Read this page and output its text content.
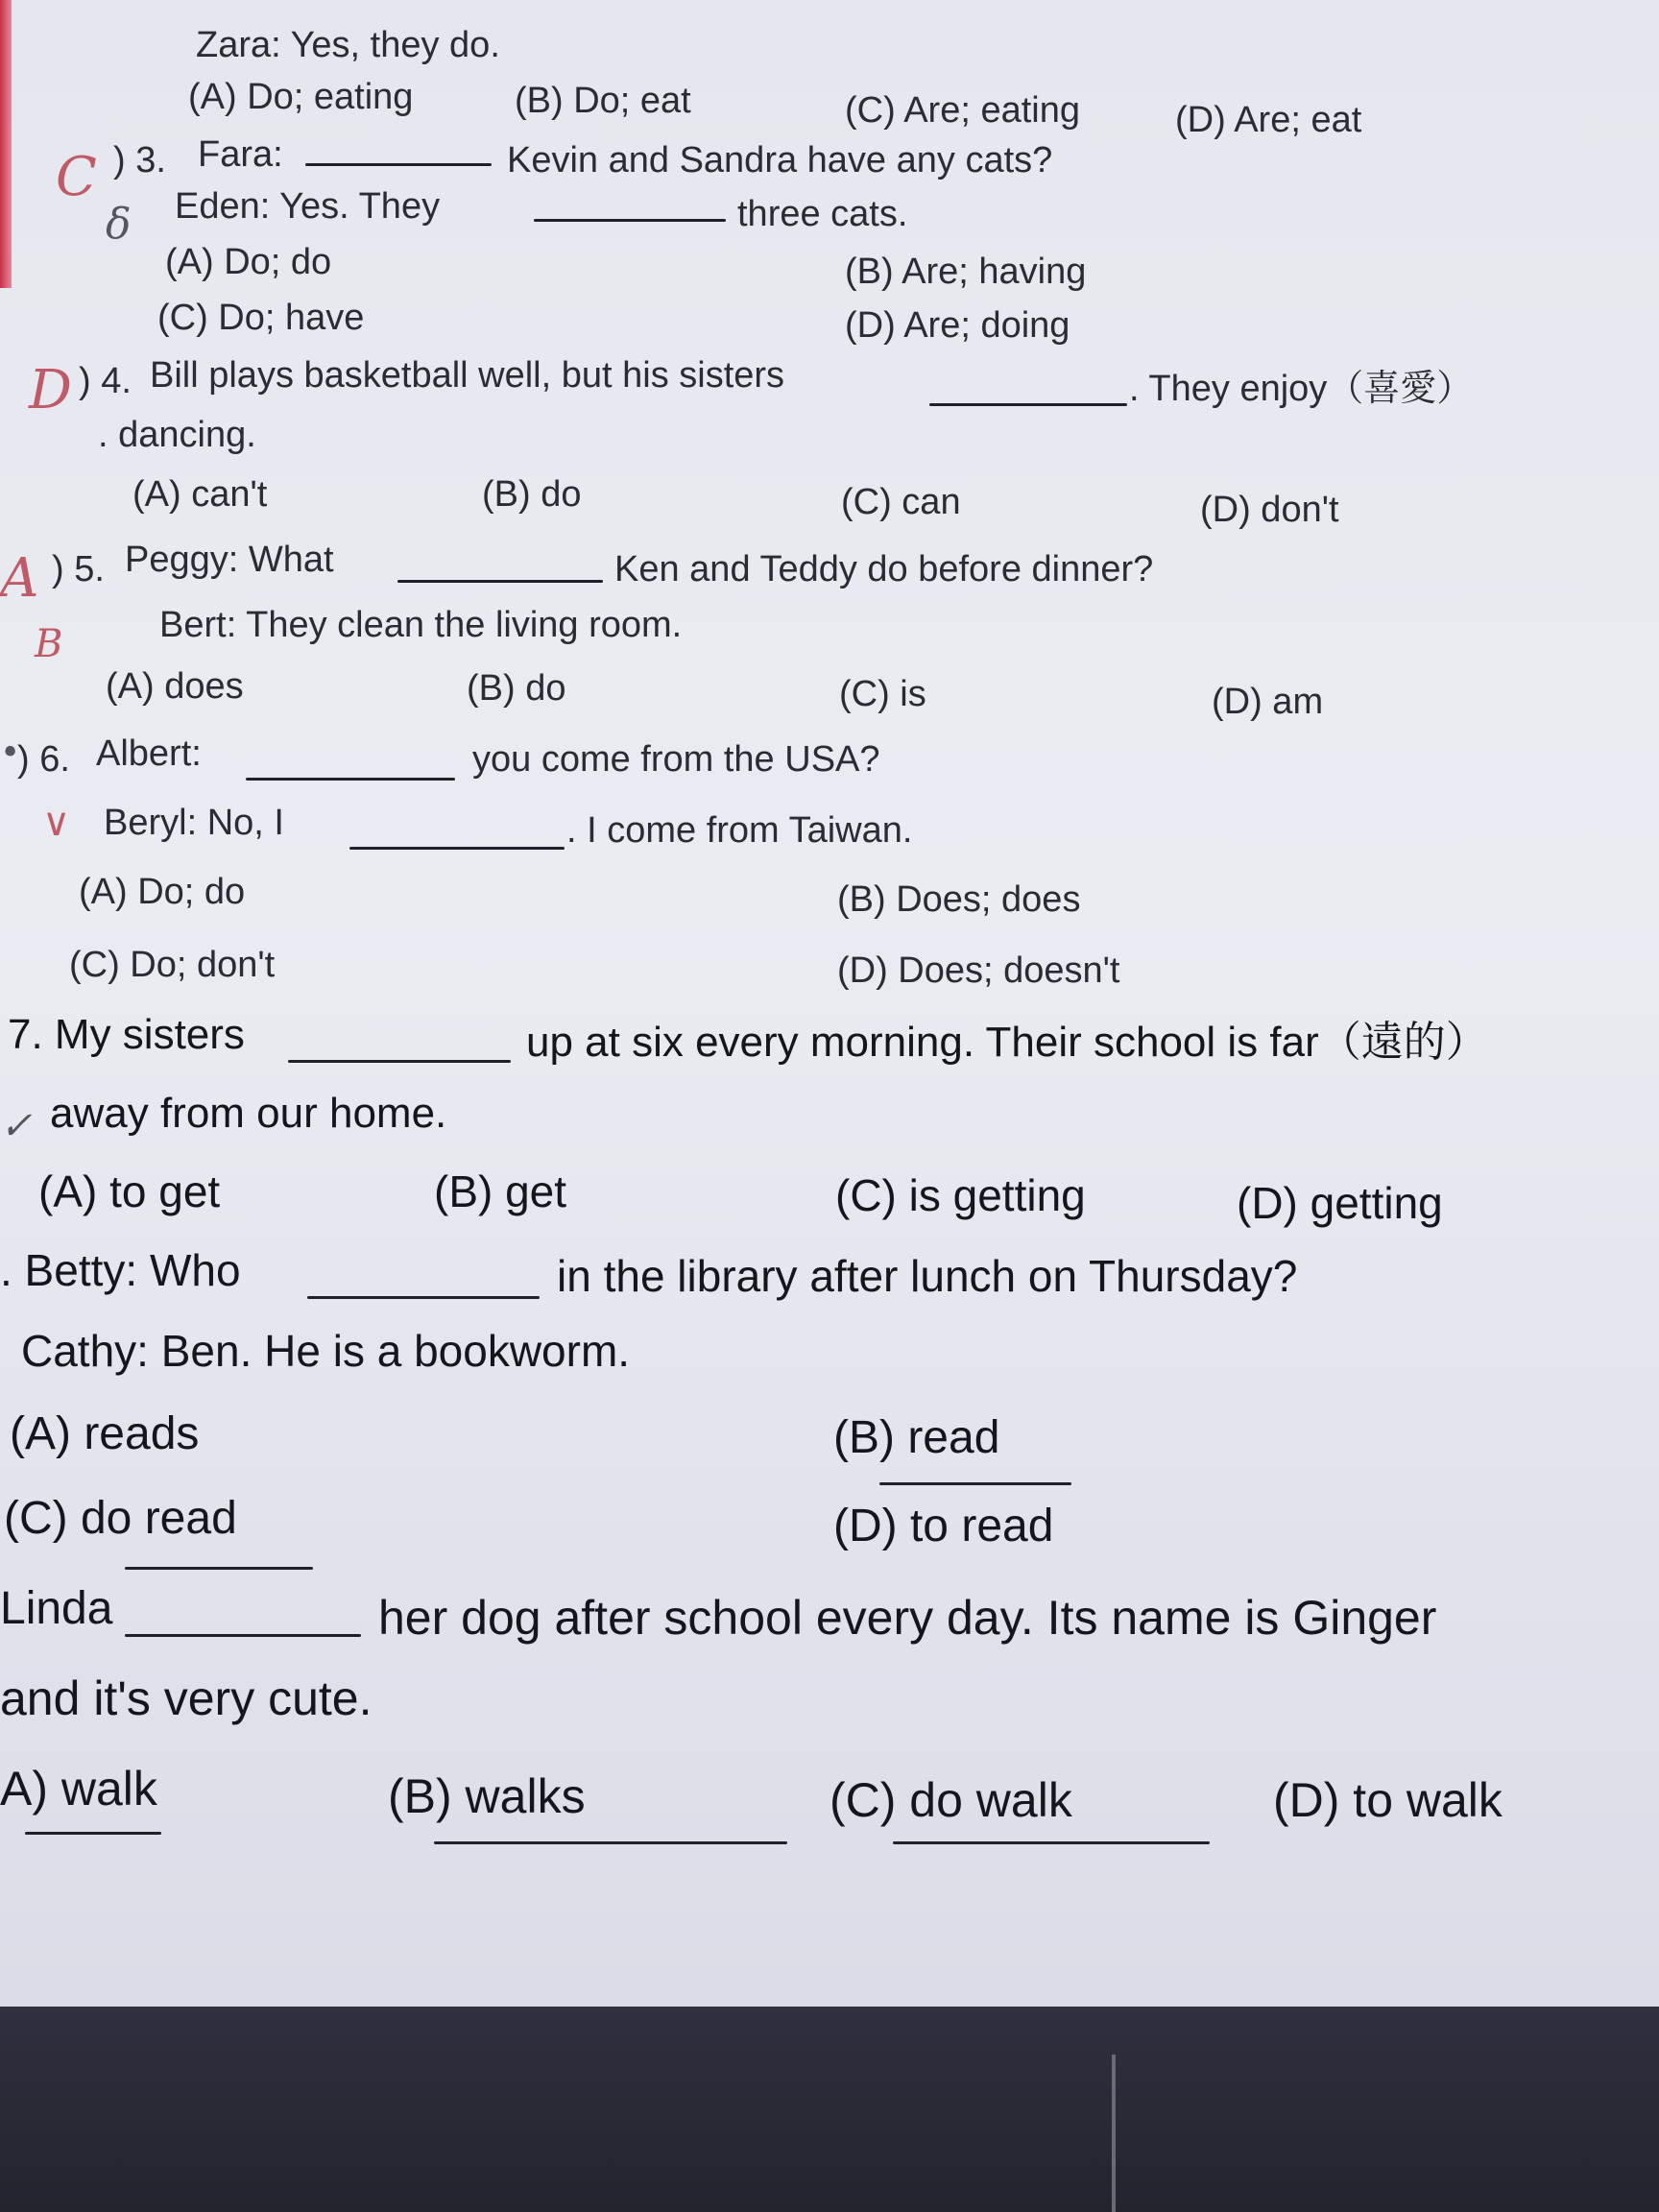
Zara: Yes, they do.
(A) Do; eating	(B) Do; eat	(C) Are; eating	(D) Are; eat
C ) 3. Fara:	Kevin and Sandra have any cats?
δ Eden: Yes. They	three cats.
(A) Do; do	(B) Are; having
(C) Do; have	(D) Are; doing
D ) 4. Bill plays basketball well, but his sisters	. They enjoy（喜愛）
. dancing.
(A) can't	(B) do	(C) can	(D) don't
A ) 5. Peggy: What	Ken and Teddy do before dinner?
B	Bert: They clean the living room.
(A) does	(B) do	(C) is	(D) am
•
) 6. Albert:	you come from the USA?
∨ Beryl: No, I	. I come from Taiwan.
(A) Do; do	(B) Does; does
(C) Do; don't	(D) Does; doesn't
7. My sisters	up at six every morning. Their school is far（遠的）
✓ away from our home.
(A) to get	(B) get	(C) is getting	(D) getting
. Betty: Who	in the library after lunch on Thursday?
Cathy: Ben. He is a bookworm.
(A) reads	(B) read
(C) do read	(D) to read
Linda	her dog after school every day. Its name is Ginger
and it's very cute.
A) walk	(B) walks	(C) do walk	(D) to walk
